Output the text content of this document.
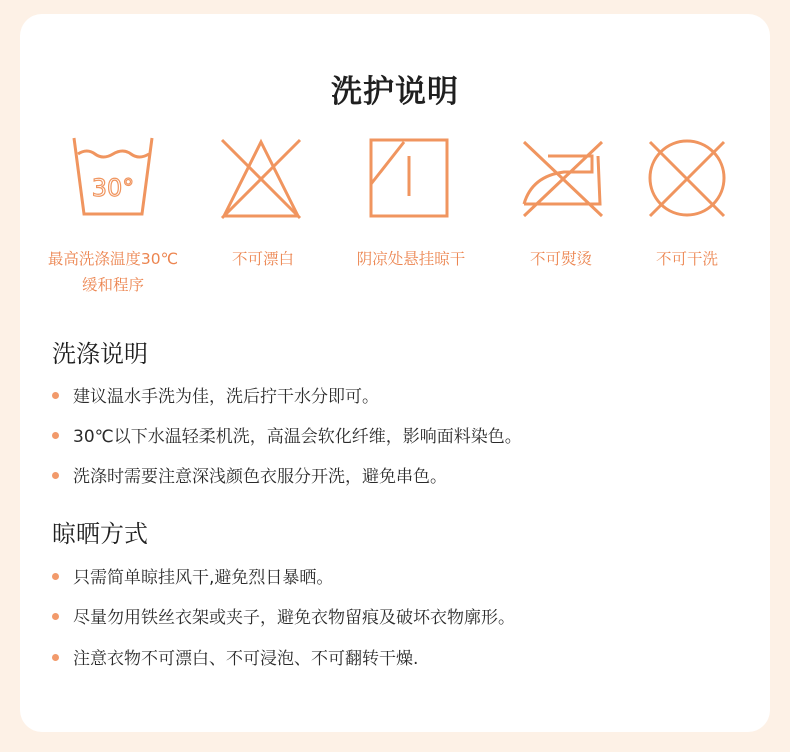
洗护说明
30°
最高洗涤温度30℃
缓和程序
不可漂白	阴凉处悬挂晾干	不可熨烫	不可干洗
洗涤说明
建议温水手洗为佳，洗后拧干水分即可。
30℃以下水温轻柔机洗，高温会软化纤维，影响面料染色。
洗涤时需要注意深浅颜色衣服分开洗，避免串色。
晾晒方式
只需简单晾挂风干,避免烈日暴晒。
尽量勿用铁丝衣架或夹子，避免衣物留痕及破坏衣物廓形。
注意衣物不可漂白、不可浸泡、不可翻转干燥.
